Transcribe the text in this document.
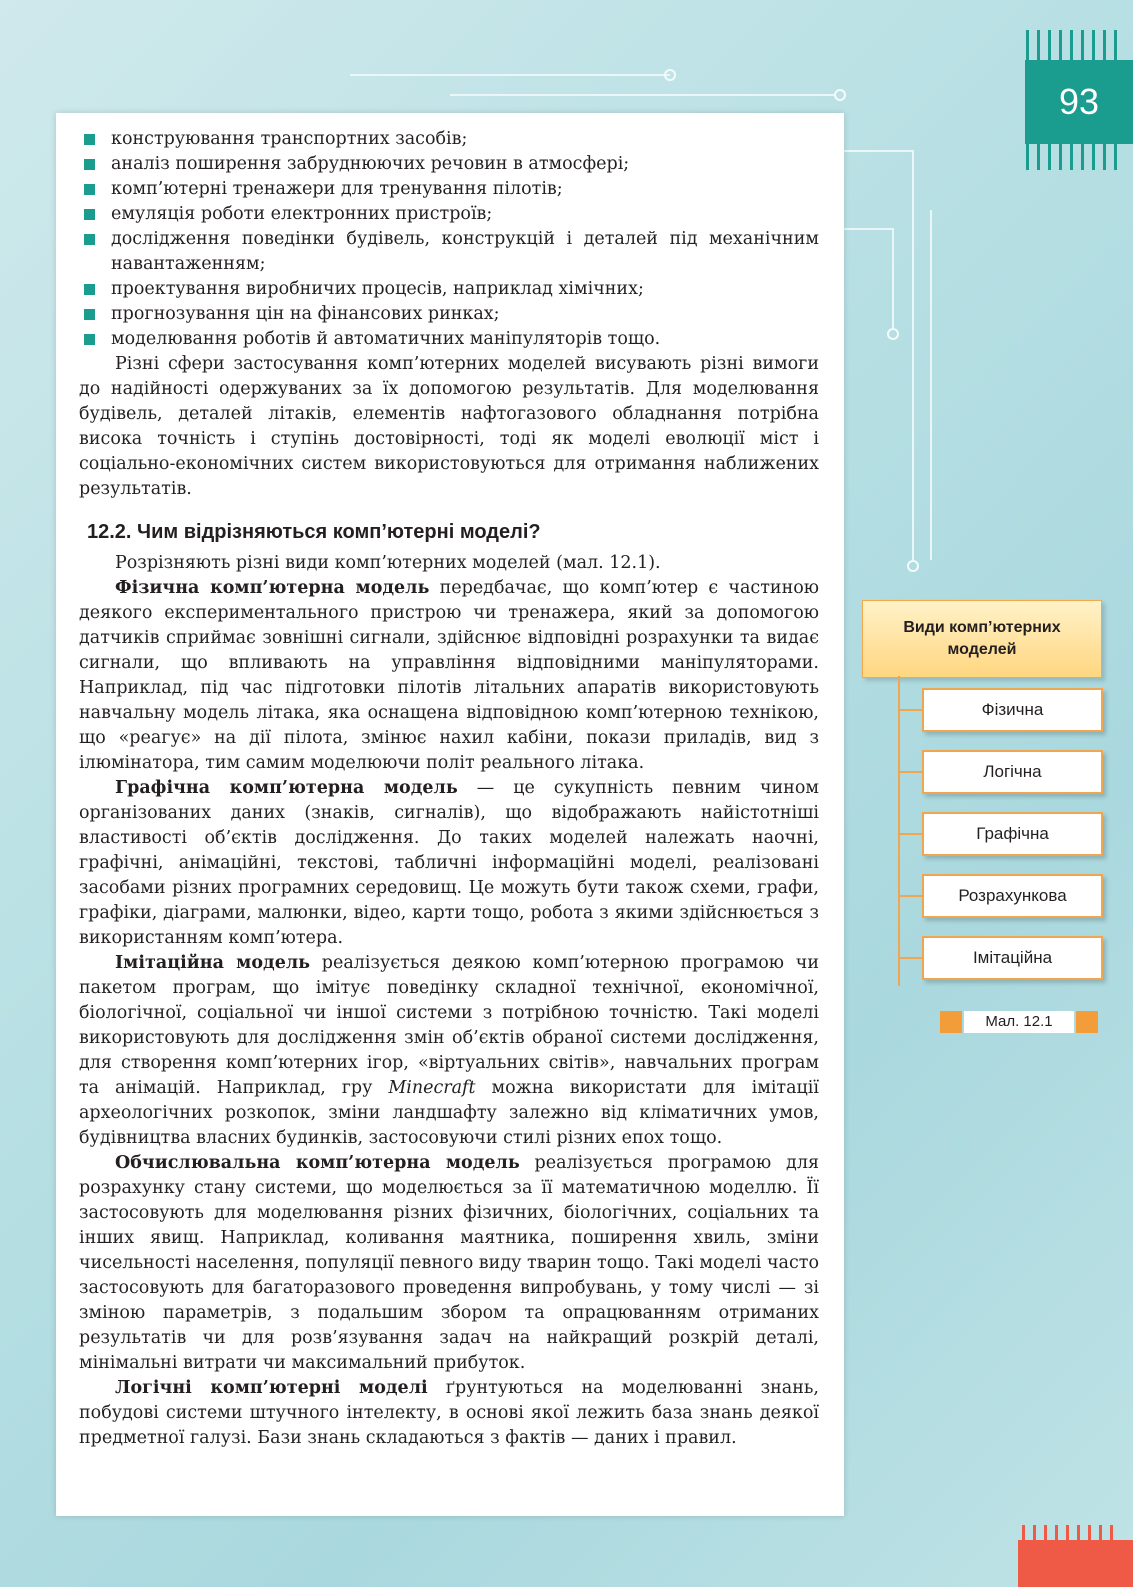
93
конструювання транспортних засобів;
аналіз поширення забруднюючих речовин в атмосфері;
комп’ютерні тренажери для тренування пілотів;
емуляція роботи електронних пристроїв;
дослідження поведінки будівель, конструкцій і деталей під механічним навантаженням;
проектування виробничих процесів, наприклад хімічних;
прогнозування цін на фінансових ринках;
моделювання роботів й автоматичних маніпуляторів тощо.

Різні сфери застосування комп’ютерних моделей висувають різні вимоги до надійності одержуваних за їх допомогою результатів. Для моделювання будівель, деталей літаків, елементів нафтогазового обладнання потрібна висока точність і ступінь достовірності, тоді як моделі еволюції міст і соціально-економічних систем використовуються для отримання наближених результатів.

12.2. Чим відрізняються комп’ютерні моделі?

Розрізняють різні види комп’ютерних моделей (мал. 12.1).

Фізична комп’ютерна модель передбачає, що комп’ютер є частиною деякого експериментального пристрою чи тренажера, який за допомогою датчиків сприймає зовнішні сигнали, здійснює відповідні розрахунки та видає сигнали, що впливають на управління відповідними маніпуляторами. Наприклад, під час підготовки пілотів літальних апаратів використовують навчальну модель літака, яка оснащена відповідною комп’ютерною технікою, що «реагує» на дії пілота, змінює нахил кабіни, покази приладів, вид з ілюмінатора, тим самим моделюючи політ реального літака.

Графічна комп’ютерна модель — це сукупність певним чином організованих даних (знаків, сигналів), що відображають найістотніші властивості об’єктів дослідження. До таких моделей належать наочні, графічні, анімаційні, текстові, табличні інформаційні моделі, реалізовані засобами різних програмних середовищ. Це можуть бути також схеми, графи, графіки, діаграми, малюнки, відео, карти тощо, робота з якими здійснюється з використанням комп’ютера.

Імітаційна модель реалізується деякою комп’ютерною програмою чи пакетом програм, що імітує поведінку складної технічної, економічної, біологічної, соціальної чи іншої системи з потрібною точністю. Такі моделі використовують для дослідження змін об’єктів обраної системи дослідження, для створення комп’ютерних ігор, «віртуальних світів», навчальних програм та анімацій. Наприклад, гру Minecraft можна використати для імітації археологічних розкопок, зміни ландшафту залежно від кліматичних умов, будівництва власних будинків, застосовуючи стилі різних епох тощо.

Обчислювальна комп’ютерна модель реалізується програмою для розрахунку стану системи, що моделюється за її математичною моделлю. Її застосовують для моделювання різних фізичних, біологічних, соціальних та інших явищ. Наприклад, коливання маятника, поширення хвиль, зміни чисельності населення, популяції певного виду тварин тощо. Такі моделі часто застосовують для багаторазового проведення випробувань, у тому числі — зі зміною параметрів, з подальшим збором та опрацюванням отриманих результатів чи для розв’язування задач на найкращий розкрій деталі, мінімальні витрати чи максимальний прибуток.

Логічні комп’ютерні моделі ґрунтуються на моделюванні знань, побудові системи штучного інтелекту, в основі якої лежить база знань деякої предметної галузі. Бази знань складаються з фактів — даних і правил.

Види комп’ютерних
моделей
Фізична
Логічна
Графічна
Розрахункова
Імітаційна
Мал. 12.1
